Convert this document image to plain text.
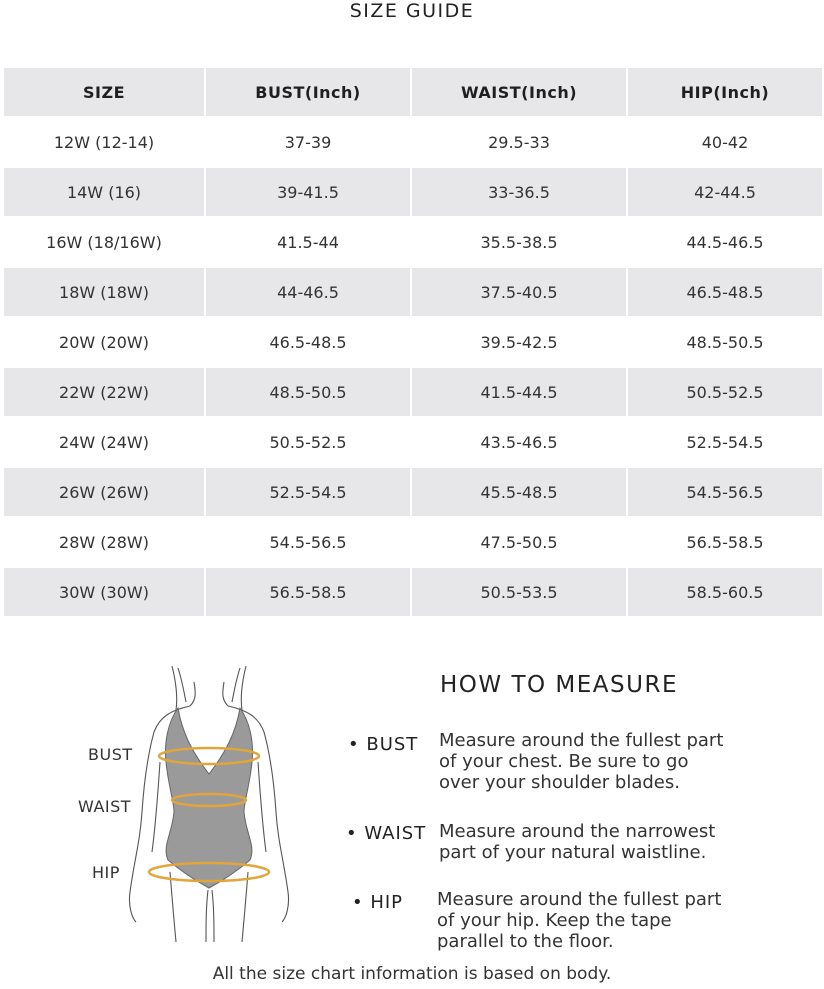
SIZE GUIDE
SIZE	BUST(Inch)	WAIST(Inch)	HIP(Inch)
12W (12-14)	37-39	29.5-33	40-42
14W (16)	39-41.5	33-36.5	42-44.5
16W (18/16W)	41.5-44	35.5-38.5	44.5-46.5
18W (18W)	44-46.5	37.5-40.5	46.5-48.5
20W (20W)	46.5-48.5	39.5-42.5	48.5-50.5
22W (22W)	48.5-50.5	41.5-44.5	50.5-52.5
24W (24W)	50.5-52.5	43.5-46.5	52.5-54.5
26W (26W)	52.5-54.5	45.5-48.5	54.5-56.5
28W (28W)	54.5-56.5	47.5-50.5	56.5-58.5
30W (30W)	56.5-58.5	50.5-53.5	58.5-60.5
BUST
WAIST
HIP
HOW TO MEASURE
• BUST Measure around the fullest part
of your chest. Be sure to go
over your shoulder blades.
• WAIST Measure around the narrowest
part of your natural waistline.
• HIP Measure around the fullest part
of your hip. Keep the tape
parallel to the floor.
All the size chart information is based on body.
